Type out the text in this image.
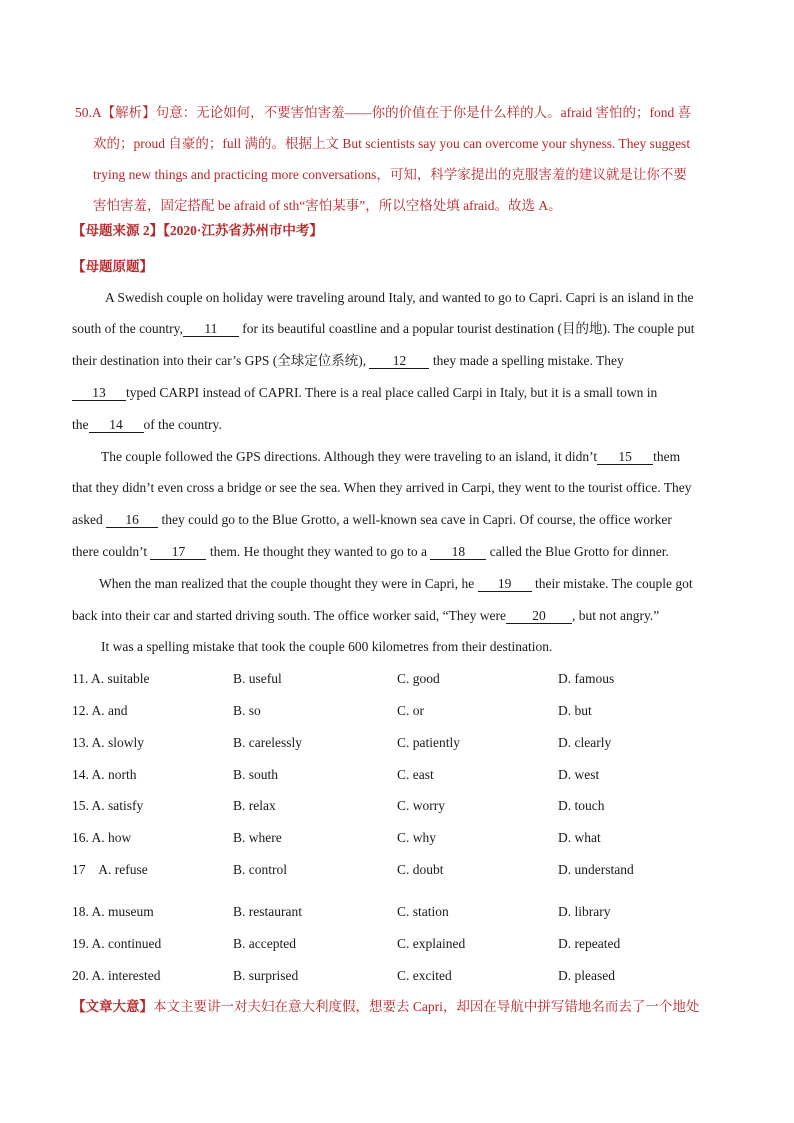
50.A【解析】句意：无论如何，不要害怕害羞——你的价值在于你是什么样的人。afraid 害怕的；fond 喜
欢的；proud 自豪的；full 满的。根据上文 But scientists say you can overcome your shyness. They suggest
trying new things and practicing more conversations，可知，科学家提出的克服害羞的建议就是让你不要
害怕害羞，固定搭配 be afraid of sth“害怕某事”，所以空格处填 afraid。故选 A。
【母题来源 2】【2020·江苏省苏州市中考】
【母题原题】
A Swedish couple on holiday were traveling around Italy, and wanted to go to Capri. Capri is an island in the
south of the country, 11 for its beautiful coastline and a popular tourist destination (目的地). The couple put
their destination into their car’s GPS (全球定位系统), 12 they made a spelling mistake. They
13 typed CARPI instead of CAPRI. There is a real place called Carpi in Italy, but it is a small town in
the 14 of the country.
The couple followed the GPS directions. Although they were traveling to an island, it didn’t 15 them
that they didn’t even cross a bridge or see the sea. When they arrived in Carpi, they went to the tourist office. They
asked 16 they could go to the Blue Grotto, a well-known sea cave in Capri. Of course, the office worker
there couldn’t 17 them. He thought they wanted to go to a 18 called the Blue Grotto for dinner.
When the man realized that the couple thought they were in Capri, he 19 their mistake. The couple got
back into their car and started driving south. The office worker said, “They were 20 , but not angry.”
It was a spelling mistake that took the couple 600 kilometres from their destination.
11. A. suitable	B. useful	C. good	D. famous
12. A. and	B. so	C. or	D. but
13. A. slowly	B. carelessly	C. patiently	D. clearly
14. A. north	B. south	C. east	D. west
15. A. satisfy	B. relax	C. worry	D. touch
16. A. how	B. where	C. why	D. what
17    A. refuse	B. control	C. doubt	D. understand
18. A. museum	B. restaurant	C. station	D. library
19. A. continued	B. accepted	C. explained	D. repeated
20. A. interested	B. surprised	C. excited	D. pleased
【文章大意】本文主要讲一对夫妇在意大利度假，想要去 Capri，却因在导航中拼写错地名而去了一个地处
